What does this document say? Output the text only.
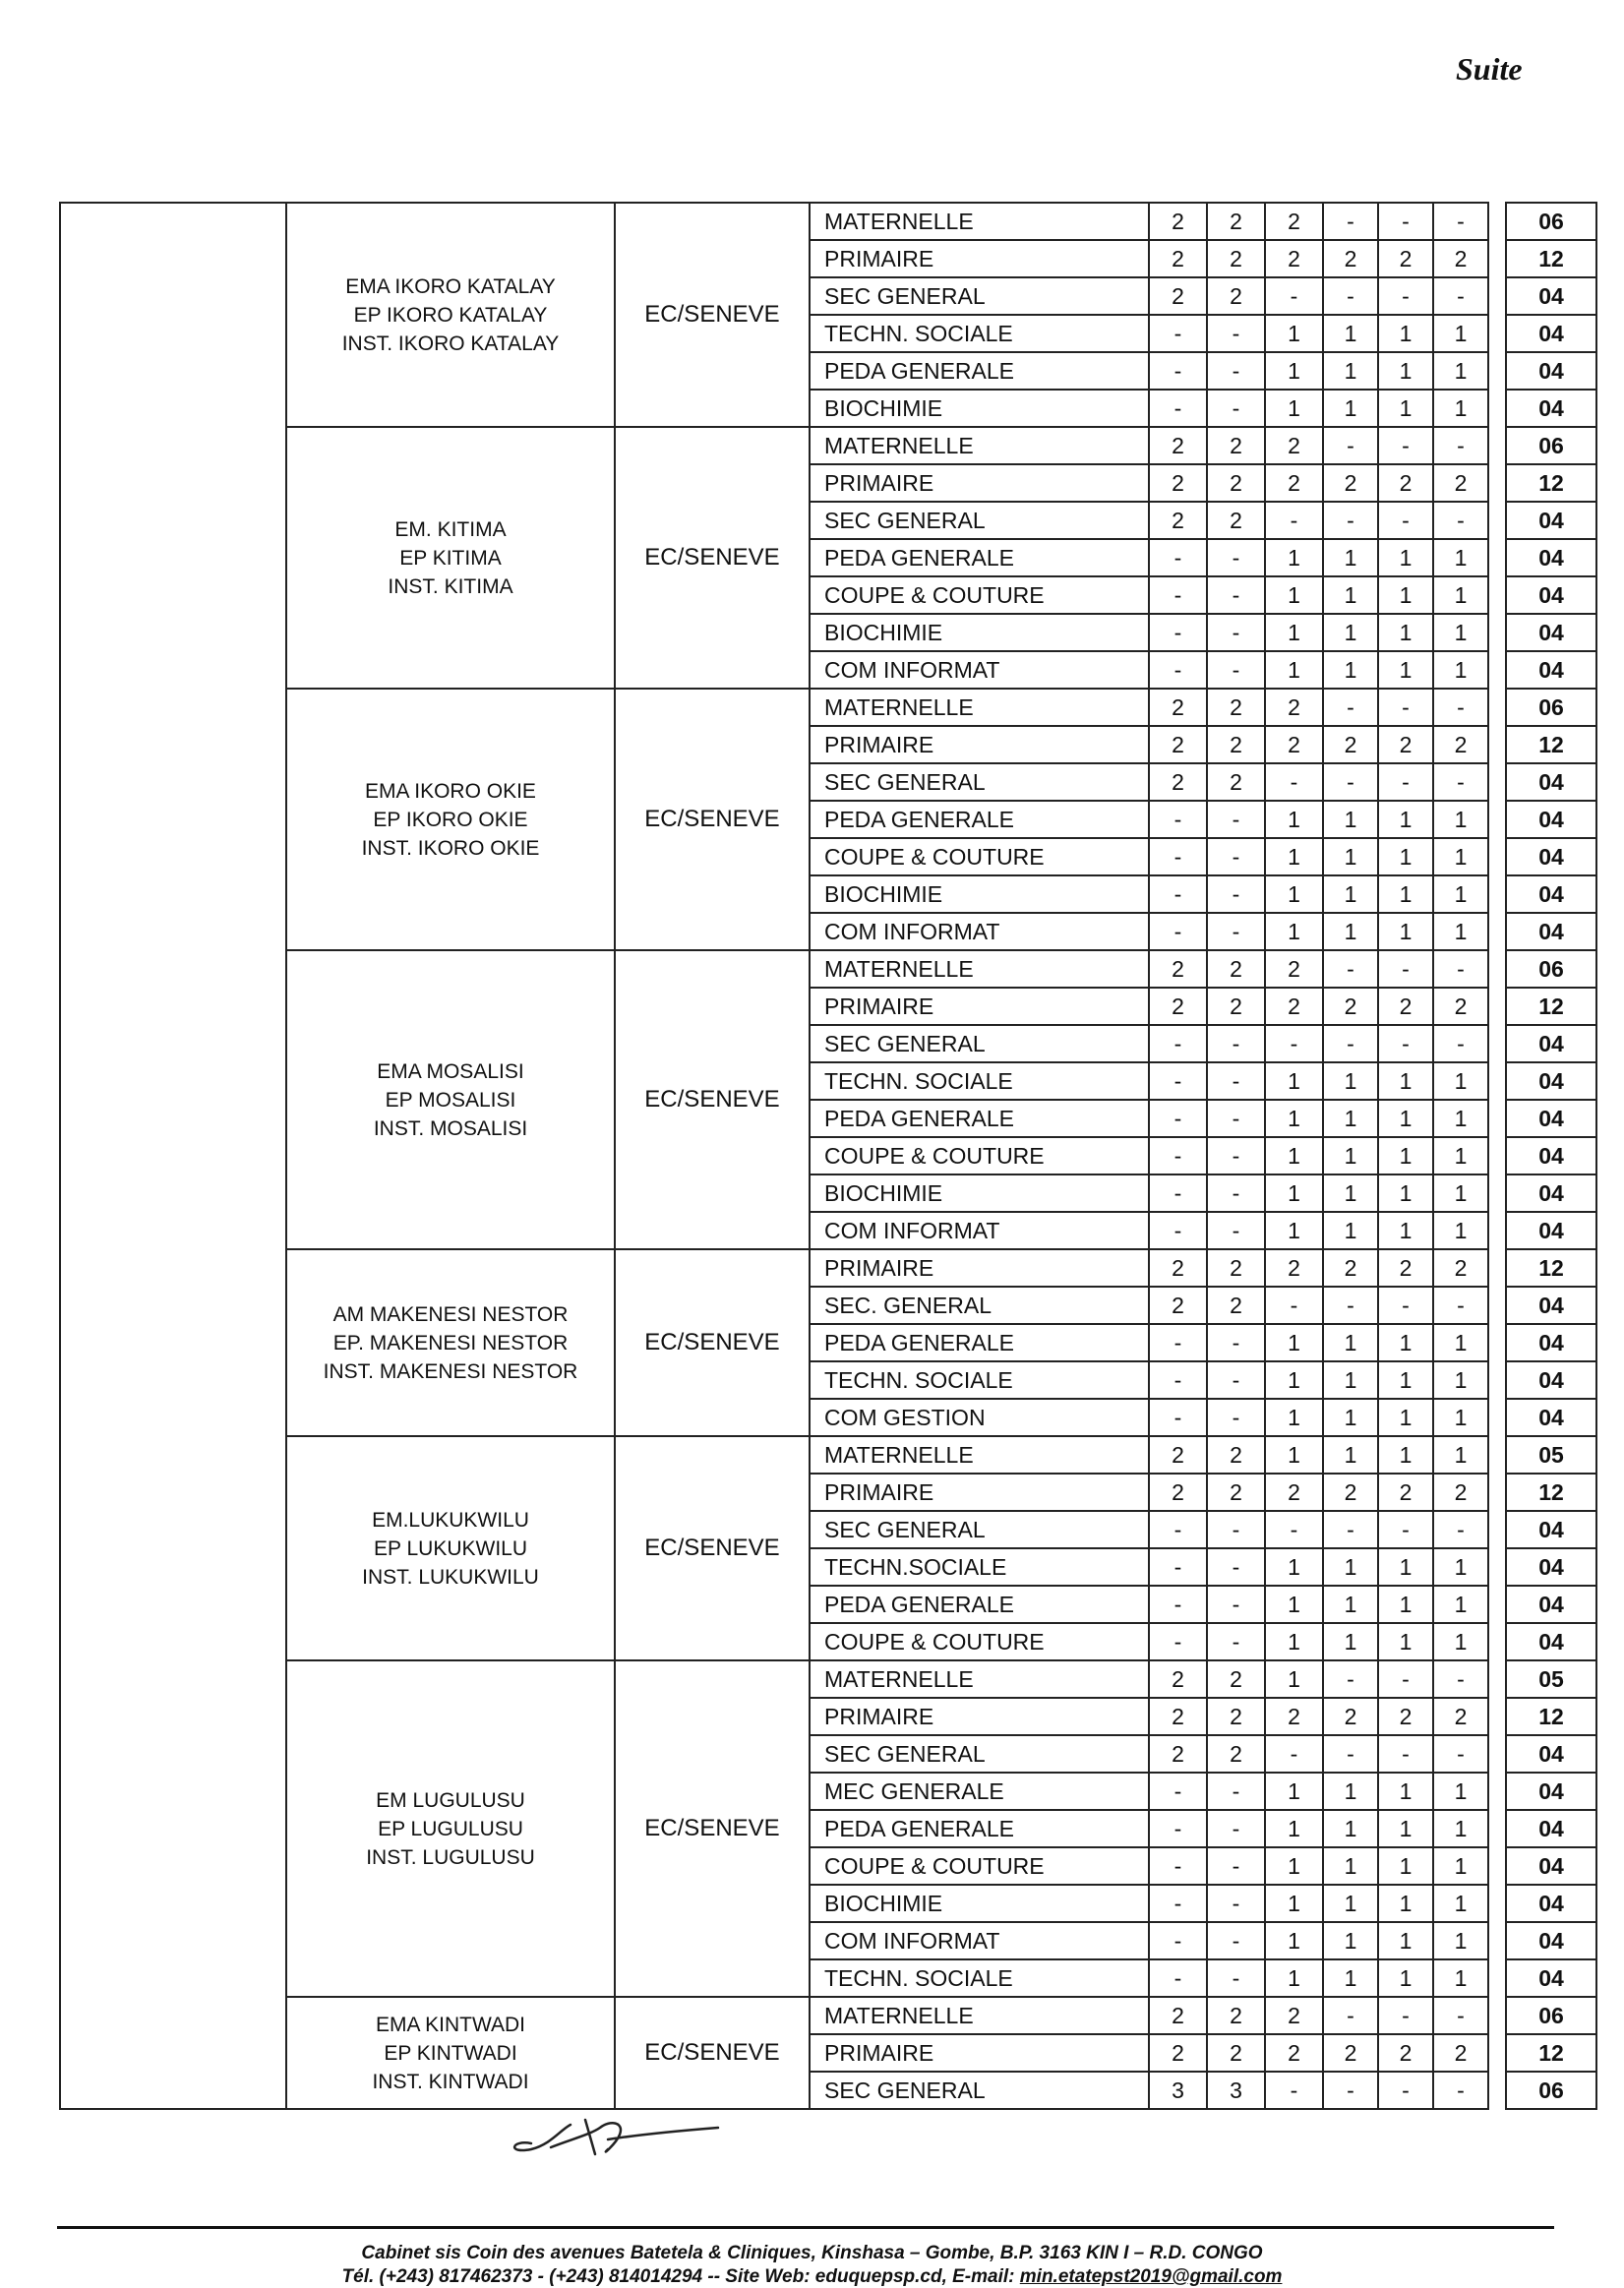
Suite

	EMA IKORO KATALAY
EP IKORO KATALAY
INST. IKORO KATALAY	EC/SENEVE	MATERNELLE	2	2	2	-	-	-		06
			PRIMAIRE	2	2	2	2	2	2		12
			SEC GENERAL	2	2	-	-	-	-		04
			TECHN. SOCIALE	-	-	1	1	1	1		04
			PEDA GENERALE	-	-	1	1	1	1		04
			BIOCHIMIE	-	-	1	1	1	1		04

	EM. KITIMA
EP KITIMA
INST. KITIMA	EC/SENEVE	MATERNELLE	2	2	2	-	-	-		06
			PRIMAIRE	2	2	2	2	2	2		12
			SEC GENERAL	2	2	-	-	-	-		04
			PEDA GENERALE	-	-	1	1	1	1		04
			COUPE & COUTURE	-	-	1	1	1	1		04
			BIOCHIMIE	-	-	1	1	1	1		04
			COM INFORMAT	-	-	1	1	1	1		04

	EMA IKORO OKIE
EP IKORO OKIE
INST. IKORO OKIE	EC/SENEVE	MATERNELLE	2	2	2	-	-	-		06
			PRIMAIRE	2	2	2	2	2	2		12
			SEC GENERAL	2	2	-	-	-	-		04
			PEDA GENERALE	-	-	1	1	1	1		04
			COUPE & COUTURE	-	-	1	1	1	1		04
			BIOCHIMIE	-	-	1	1	1	1		04
			COM INFORMAT	-	-	1	1	1	1		04

	EMA MOSALISI
EP MOSALISI
INST. MOSALISI	EC/SENEVE	MATERNELLE	2	2	2	-	-	-		06
			PRIMAIRE	2	2	2	2	2	2		12
			SEC GENERAL	-	-	-	-	-	-		04
			TECHN. SOCIALE	-	-	1	1	1	1		04
			PEDA GENERALE	-	-	1	1	1	1		04
			COUPE & COUTURE	-	-	1	1	1	1		04
			BIOCHIMIE	-	-	1	1	1	1		04
			COM INFORMAT	-	-	1	1	1	1		04

	AM MAKENESI NESTOR
EP. MAKENESI NESTOR
INST. MAKENESI NESTOR	EC/SENEVE	PRIMAIRE	2	2	2	2	2	2		12
			SEC. GENERAL	2	2	-	-	-	-		04
			PEDA GENERALE	-	-	1	1	1	1		04
			TECHN. SOCIALE	-	-	1	1	1	1		04
			COM GESTION	-	-	1	1	1	1		04

	EM.LUKUKWILU
EP LUKUKWILU
INST. LUKUKWILU	EC/SENEVE	MATERNELLE	2	2	1	1	1	1		05
			PRIMAIRE	2	2	2	2	2	2		12
			SEC GENERAL	-	-	-	-	-	-		04
			TECHN.SOCIALE	-	-	1	1	1	1		04
			PEDA GENERALE	-	-	1	1	1	1		04
			COUPE & COUTURE	-	-	1	1	1	1		04

	EM LUGULUSU
EP LUGULUSU
INST. LUGULUSU	EC/SENEVE	MATERNELLE	2	2	1	-	-	-		05
			PRIMAIRE	2	2	2	2	2	2		12
			SEC GENERAL	2	2	-	-	-	-		04
			MEC GENERALE	-	-	1	1	1	1		04
			PEDA GENERALE	-	-	1	1	1	1		04
			COUPE & COUTURE	-	-	1	1	1	1		04
			BIOCHIMIE	-	-	1	1	1	1		04
			COM INFORMAT	-	-	1	1	1	1		04
			TECHN. SOCIALE	-	-	1	1	1	1		04

	EMA KINTWADI
EP KINTWADI
INST. KINTWADI	EC/SENEVE	MATERNELLE	2	2	2	-	-	-		06
			PRIMAIRE	2	2	2	2	2	2		12
			SEC GENERAL	3	3	-	-	-	-		06
Cabinet sis Coin des avenues Batetela & Cliniques, Kinshasa – Gombe, B.P. 3163 KIN I – R.D. CONGO
Tél. (+243) 817462373 - (+243) 814014294 -- Site Web: eduquepsp.cd, E-mail: min.etatepst2019@gmail.com
